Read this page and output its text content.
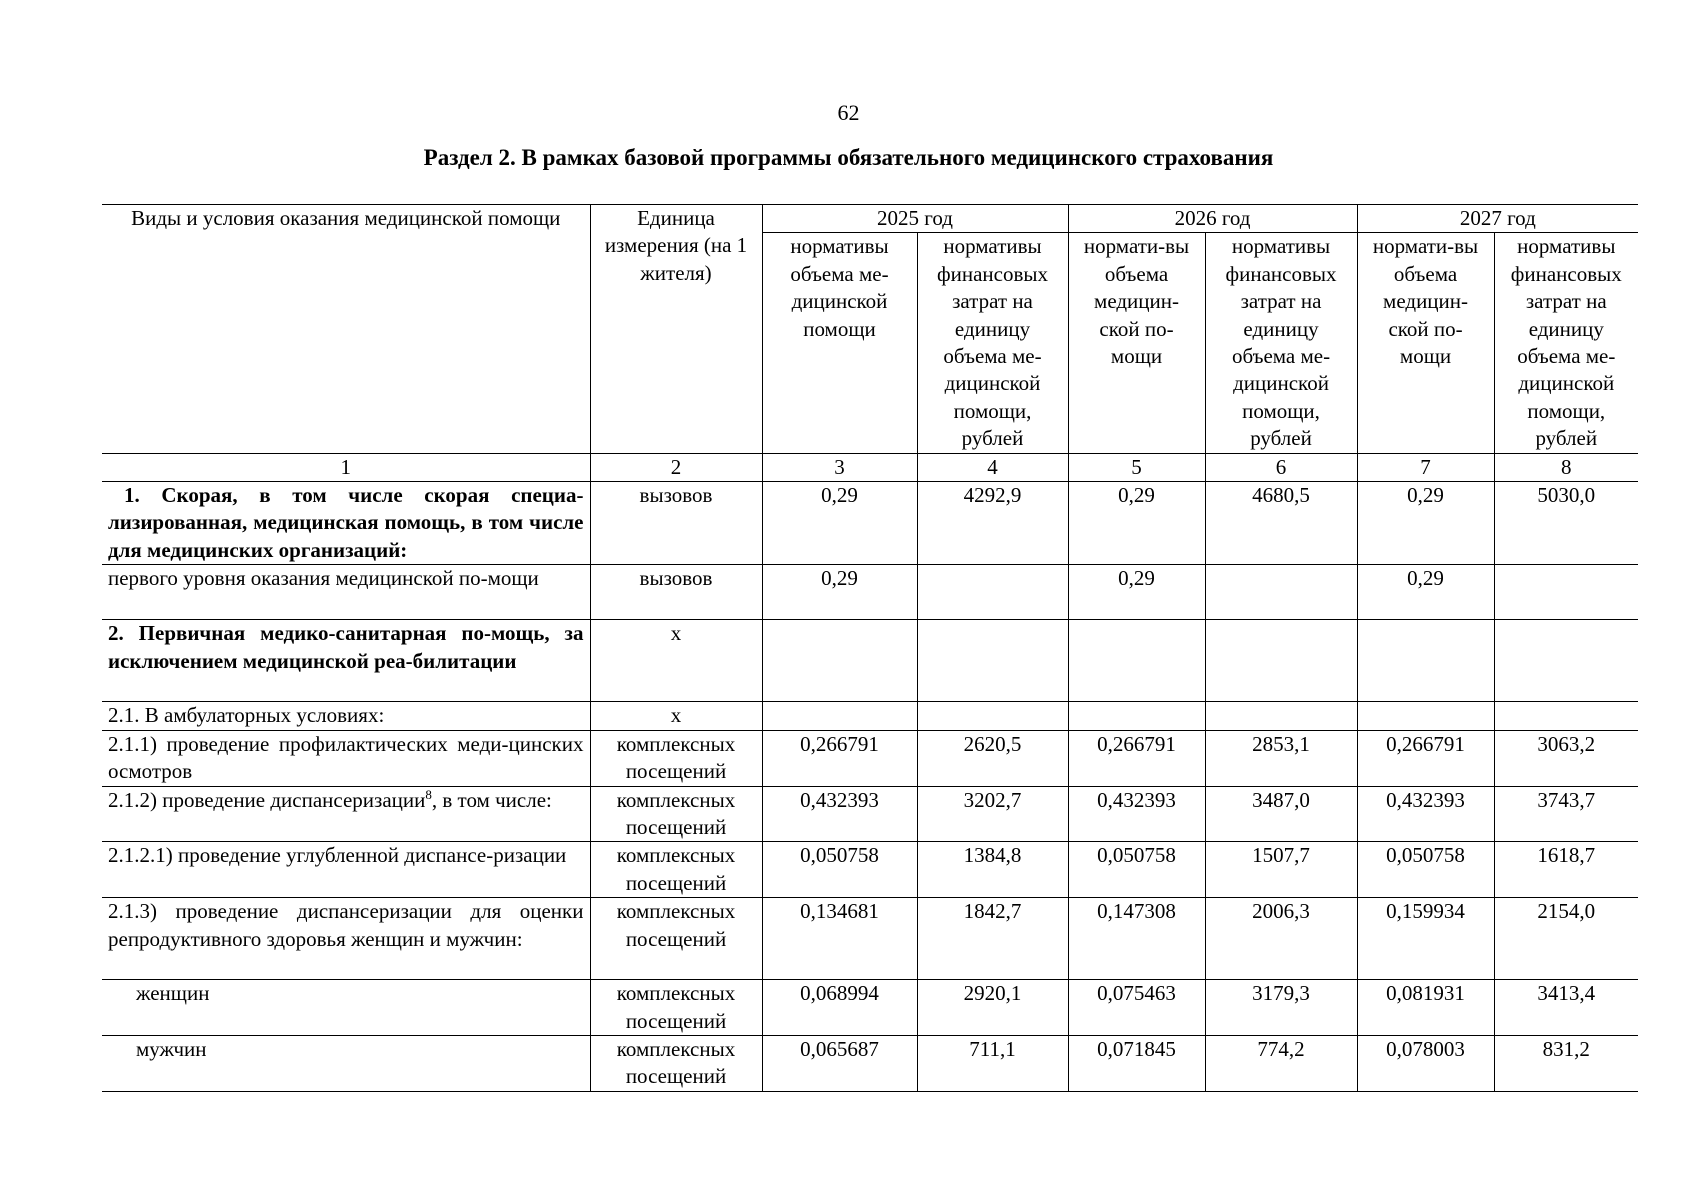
62
Раздел 2. В рамках базовой программы обязательного медицинского страхования
Виды и условия оказания медицинской помощи	Единица измерения (на 1 жителя)	2025 год		2026 год		2027 год	
		нормативы объема ме-дицинской помощи	нормативы финансовых затрат на единицу объема ме-дицинской помощи, рублей	нормати-вы объема медицин-ской по-мощи	нормативы финансовых затрат на единицу объема ме-дицинской помощи, рублей	нормати-вы объема медицин-ской по-мощи	нормативы финансовых затрат на единицу объема ме-дицинской помощи, рублей
1	2	3	4	5	6	7	8
1. Скорая, в том числе скорая специа-лизированная, медицинская помощь, в том числе для медицинских организаций:	вызовов	0,29	4292,9	0,29	4680,5	0,29	5030,0
первого уровня оказания медицинской по-мощи	вызовов	0,29		0,29		0,29	
2. Первичная медико-санитарная по-мощь, за исключением медицинской реа-билитации	х						
2.1. В амбулаторных условиях:	х						
2.1.1) проведение профилактических меди-цинских осмотров	комплексных посещений	0,266791	2620,5	0,266791	2853,1	0,266791	3063,2
2.1.2) проведение диспансеризации$^8$, в том числе:	комплексных посещений	0,432393	3202,7	0,432393	3487,0	0,432393	3743,7
2.1.2.1) проведение углубленной диспансе-ризации	комплексных посещений	0,050758	1384,8	0,050758	1507,7	0,050758	1618,7
2.1.3) проведение диспансеризации для оценки репродуктивного здоровья женщин и мужчин:	комплексных посещений	0,134681	1842,7	0,147308	2006,3	0,159934	2154,0
женщин	комплексных посещений	0,068994	2920,1	0,075463	3179,3	0,081931	3413,4
мужчин	комплексных посещений	0,065687	711,1	0,071845	774,2	0,078003	831,2
